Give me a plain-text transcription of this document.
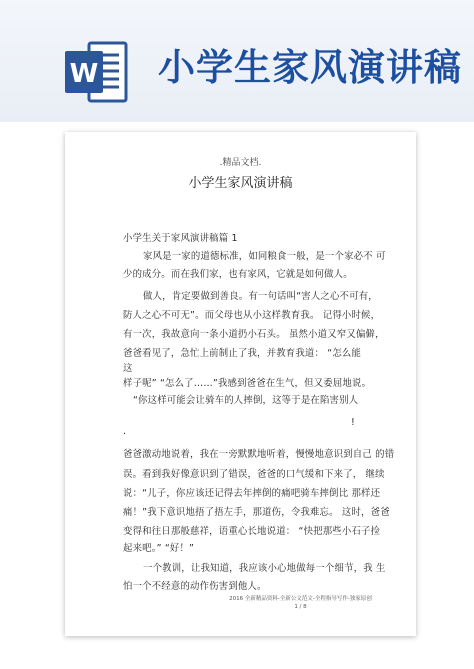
W 小学生家风演讲稿
.精品文档.
小学生家风演讲稿
小学生关于家风演讲稿篇 1
家风是一家的道德标准，如同粮食一般，是一个家必不 可
少的成分。而在我们家，也有家风，它就是如何做人。
做人，肯定要做到善良。有一句话叫“害人之心不可有，
防人之心不可无”。而父母也从小这样教育我。 记得小时候，
有一次，我故意向一条小道扔小石头。 虽然小道又窄又偏僻，
爸爸看见了，急忙上前制止了我，并教育我道： “怎么能
这
样子呢” “怎么了……”我感到爸爸在生气，但又委屈地说。
“你这样可能会让骑车的人摔倒，这等于是在陷害别人
!
.
爸爸激动地说着，我在一旁默默地听着，慢慢地意识到自己 的错
误。看到我好像意识到了错误，爸爸的口气缓和下来了， 继续
说：“儿子，你应该还记得去年摔倒的痛吧骑车摔倒比 那样还
痛！”我下意识地捂了捂左手，那道伤，令我难忘。 这时，爸爸
变得和往日那般慈祥，语重心长地说道： “快把那些小石子捡
起来吧。” “好！”
一个教训，让我知道，我应该小心地做每一个细节，我 生
怕一个不经意的动作伤害到他人。
2016 全新精品资料-全新公文范文-全程指导写作-独家原创
1 / 8
